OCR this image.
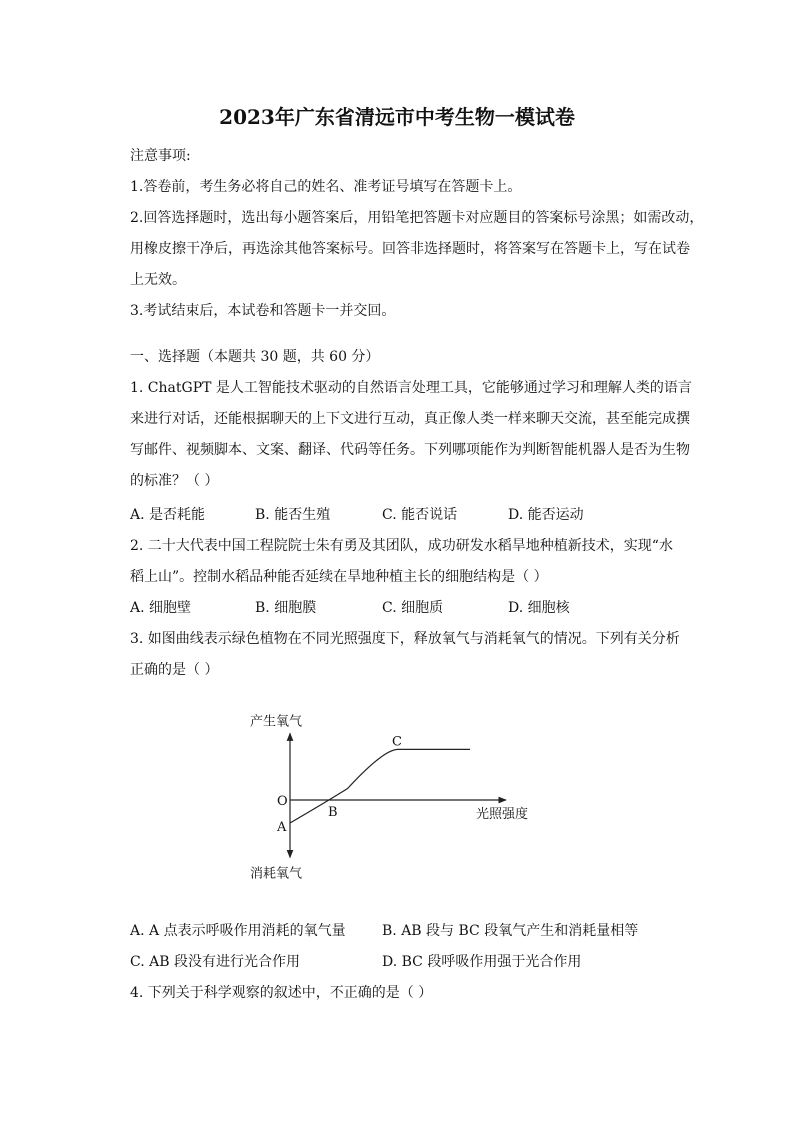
2023年广东省清远市中考生物一模试卷
注意事项:
1.答卷前，考生务必将自己的姓名、准考证号填写在答题卡上。
2.回答选择题时，选出每小题答案后，用铅笔把答题卡对应题目的答案标号涂黑；如需改动，
用橡皮擦干净后，再选涂其他答案标号。回答非选择题时，将答案写在答题卡上，写在试卷
上无效。
3.考试结束后，本试卷和答题卡一并交回。
一、选择题（本题共 30 题，共 60 分）
1. ChatGPT 是人工智能技术驱动的自然语言处理工具，它能够通过学习和理解人类的语言
来进行对话，还能根据聊天的上下文进行互动，真正像人类一样来聊天交流，甚至能完成撰
写邮件、视频脚本、文案、翻译、代码等任务。下列哪项能作为判断智能机器人是否为生物
的标准？（ ）
A. 是否耗能	B. 能否生殖	C. 能否说话	D. 能否运动
2. 二十大代表中国工程院院士朱有勇及其团队，成功研发水稻旱地种植新技术，实现“水
稻上山”。控制水稻品种能否延续在旱地种植主长的细胞结构是（ ）
A. 细胞壁	B. 细胞膜	C. 细胞质	D. 细胞核
3. 如图曲线表示绿色植物在不同光照强度下，释放氧气与消耗氧气的情况。下列有关分析
正确的是（ ）
产生氧气
消耗氧气
光照强度
O
A
B
C
A. A 点表示呼吸作用消耗的氧气量	B. AB 段与 BC 段氧气产生和消耗量相等
C. AB 段没有进行光合作用	D. BC 段呼吸作用强于光合作用
4. 下列关于科学观察的叙述中，不正确的是（ ）
